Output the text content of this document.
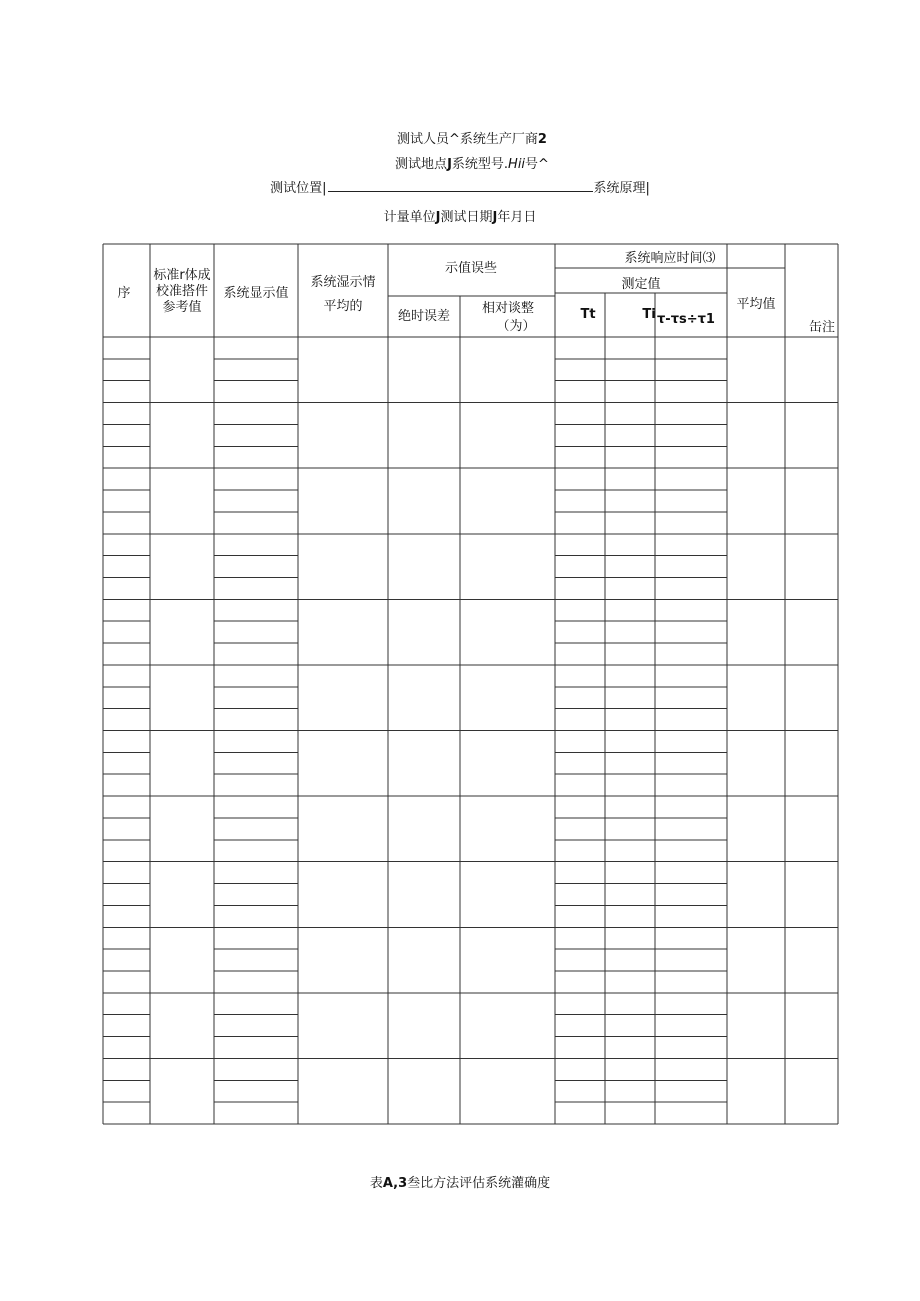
测试人员^系统生产厂商2
测试地点J系统型号.Hii号^
测试位置|	系统原理|
计量单位J测试日期J年月日
序
标准r体成
校准搭件
参考值
系统显示值
系统湿示情
平均的
示值误些
绝时误差
相对谈整
（为）
系统响应时间⑶
测定值
Tt	Ti τ-τs÷τ1
平均值
缶注
表A,3叁比方法评估系统灌确度
